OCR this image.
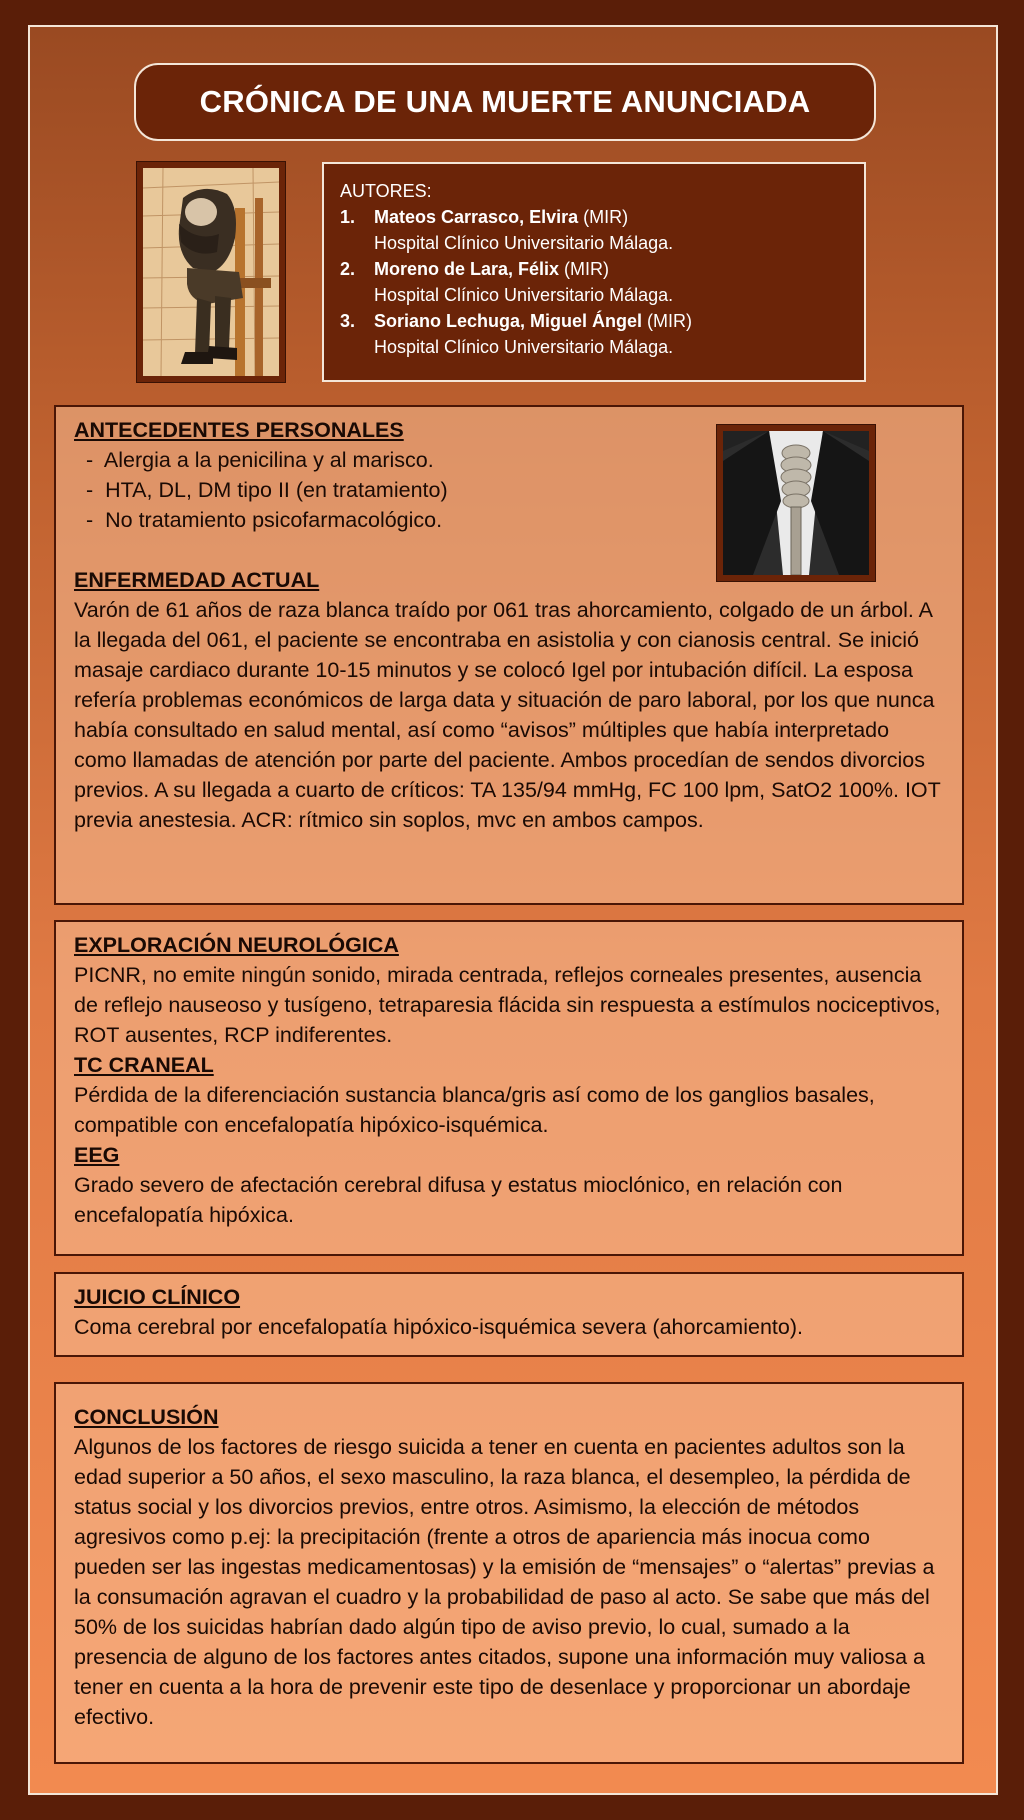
CRÓNICA DE UNA MUERTE ANUNCIADA
AUTORES:
1. Mateos Carrasco, Elvira (MIR)
Hospital Clínico Universitario Málaga.
2. Moreno de Lara, Félix (MIR)
Hospital Clínico Universitario Málaga.
3. Soriano Lechuga, Miguel Ángel (MIR)
Hospital Clínico Universitario Málaga.
ANTECEDENTES PERSONALES
- Alergia a la penicilina y al marisco.
- HTA, DL, DM tipo II (en tratamiento)
- No tratamiento psicofarmacológico.
ENFERMEDAD ACTUAL

Varón de 61 años de raza blanca traído por 061 tras ahorcamiento, colgado de un árbol. A la llegada del 061, el paciente se encontraba en asistolia y con cianosis central. Se inició masaje cardiaco durante 10-15 minutos y se colocó Igel por intubación difícil. La esposa refería problemas económicos de larga data y situación de paro laboral, por los que nunca había consultado en salud mental, así como “avisos” múltiples que había interpretado como llamadas de atención por parte del paciente. Ambos procedían de sendos divorcios previos. A su llegada a cuarto de críticos: TA 135/94 mmHg, FC 100 lpm, SatO2 100%. IOT previa anestesia. ACR: rítmico sin soplos, mvc en ambos campos.

EXPLORACIÓN NEUROLÓGICA

PICNR, no emite ningún sonido, mirada centrada, reflejos corneales presentes, ausencia de reflejo nauseoso y tusígeno, tetraparesia flácida sin respuesta a estímulos nociceptivos, ROT ausentes, RCP indiferentes.

TC CRANEAL

Pérdida de la diferenciación sustancia blanca/gris así como de los ganglios basales, compatible con encefalopatía hipóxico-isquémica.

EEG

Grado severo de afectación cerebral difusa y estatus mioclónico, en relación con encefalopatía hipóxica.

JUICIO CLÍNICO

Coma cerebral por encefalopatía hipóxico-isquémica severa (ahorcamiento).

CONCLUSIÓN

Algunos de los factores de riesgo suicida a tener en cuenta en pacientes adultos son la edad superior a 50 años, el sexo masculino, la raza blanca, el desempleo, la pérdida de status social y los divorcios previos, entre otros. Asimismo, la elección de métodos agresivos como p.ej: la precipitación (frente a otros de apariencia más inocua como pueden ser las ingestas medicamentosas) y la emisión de “mensajes” o “alertas” previas a la consumación agravan el cuadro y la probabilidad de paso al acto. Se sabe que más del 50% de los suicidas habrían dado algún tipo de aviso previo, lo cual, sumado a la presencia de alguno de los factores antes citados, supone una información muy valiosa a tener en cuenta a la hora de prevenir este tipo de desenlace y proporcionar un abordaje efectivo.
